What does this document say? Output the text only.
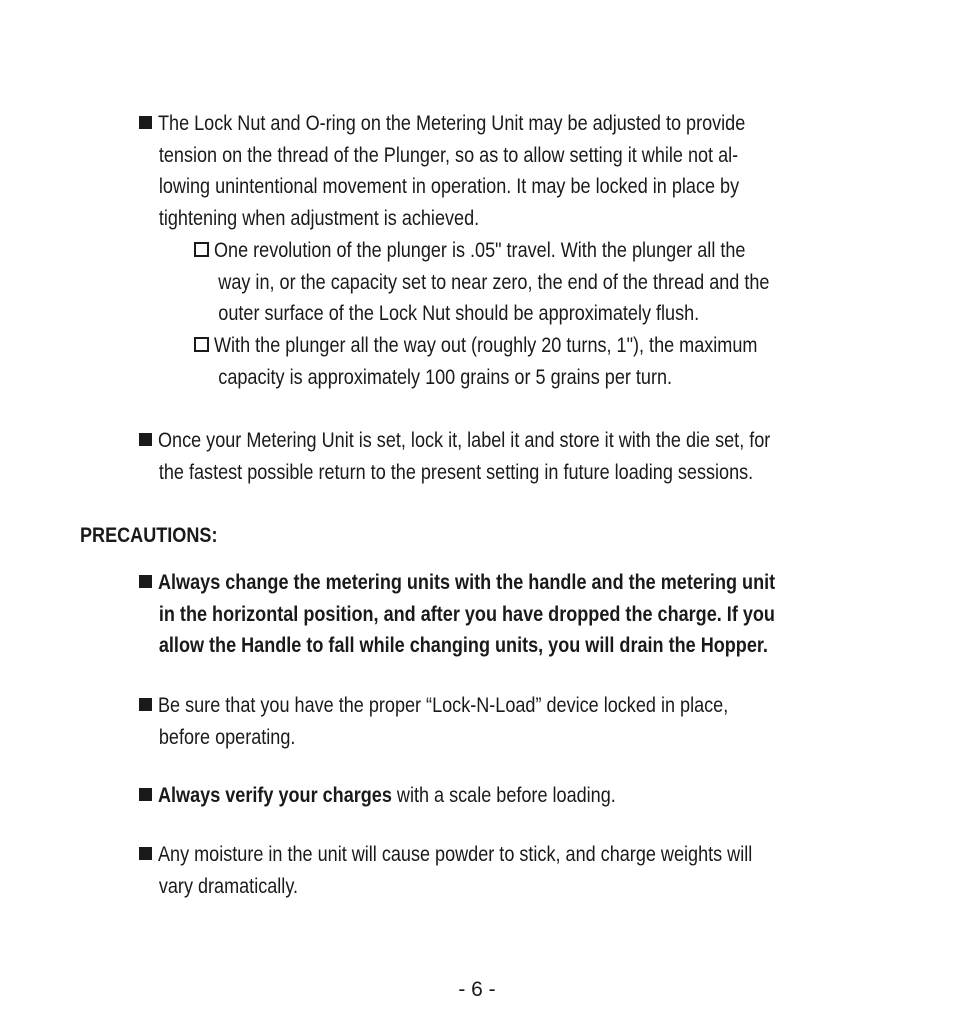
The Lock Nut and O-ring on the Metering Unit may be adjusted to provide
tension on the thread of the Plunger, so as to allow setting it while not al-
lowing unintentional movement in operation. It may be locked in place by
tightening when adjustment is achieved.
One revolution of the plunger is .05" travel. With the plunger all the
way in, or the capacity set to near zero, the end of the thread and the
outer surface of the Lock Nut should be approximately flush.
With the plunger all the way out (roughly 20 turns, 1"), the maximum
capacity is approximately 100 grains or 5 grains per turn.
Once your Metering Unit is set, lock it, label it and store it with the die set, for
the fastest possible return to the present setting in future loading sessions.
PRECAUTIONS:
Always change the metering units with the handle and the metering unit
in the horizontal position, and after you have dropped the charge. If you
allow the Handle to fall while changing units, you will drain the Hopper.
Be sure that you have the proper “Lock-N-Load” device locked in place,
before operating.
Always verify your charges with a scale before loading.
Any moisture in the unit will cause powder to stick, and charge weights will
vary dramatically.
- 6 -
